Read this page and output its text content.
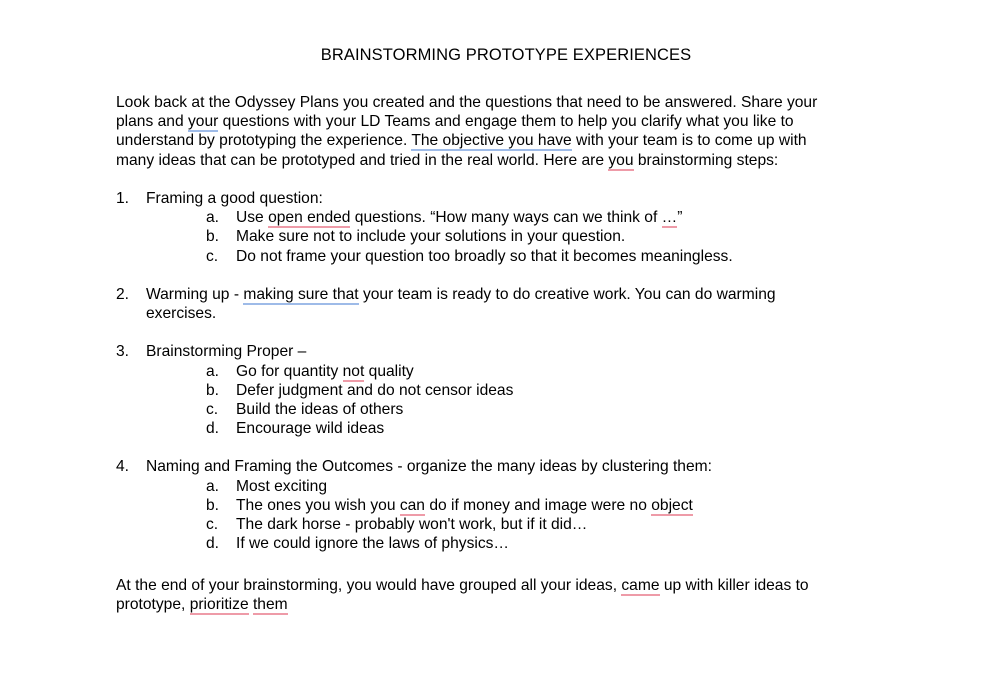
BRAINSTORMING PROTOTYPE EXPERIENCES
Look back at the Odyssey Plans you created and the questions that need to be answered. Share your
plans and your questions with your LD Teams and engage them to help you clarify what you like to
understand by prototyping the experience. The objective you have with your team is to come up with
many ideas that can be prototyped and tried in the real world. Here are you brainstorming steps:
1. Framing a good question:
a. Use open ended questions. “How many ways can we think of …”
b. Make sure not to include your solutions in your question.
c. Do not frame your question too broadly so that it becomes meaningless.
2. Warming up - making sure that your team is ready to do creative work. You can do warming
exercises.
3. Brainstorming Proper –
a. Go for quantity not quality
b. Defer judgment and do not censor ideas
c. Build the ideas of others
d. Encourage wild ideas
4. Naming and Framing the Outcomes - organize the many ideas by clustering them:
a. Most exciting
b. The ones you wish you can do if money and image were no object
c. The dark horse - probably won't work, but if it did…
d. If we could ignore the laws of physics…
At the end of your brainstorming, you would have grouped all your ideas, came up with killer ideas to
prototype, prioritize them
